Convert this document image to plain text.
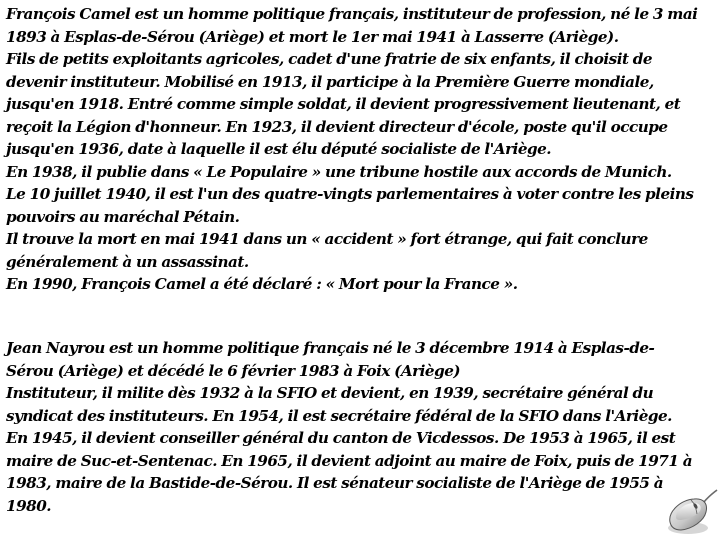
François Camel est un homme politique français, instituteur de profession, né le 3 mai 1893 à Esplas-de-Sérou (Ariège) et mort le 1er mai 1941 à Lasserre (Ariège).
Fils de petits exploitants agricoles, cadet d'une fratrie de six enfants, il choisit de devenir instituteur. Mobilisé en 1913, il participe à la Première Guerre mondiale, jusqu'en 1918. Entré comme simple soldat, il devient progressivement lieutenant, et reçoit la Légion d'honneur. En 1923, il devient directeur d'école, poste qu'il occupe jusqu'en 1936, date à laquelle il est élu député socialiste de l'Ariège.
En 1938, il publie dans « Le Populaire » une tribune hostile aux accords de Munich.
Le 10 juillet 1940, il est l'un des quatre-vingts parlementaires à voter contre les pleins pouvoirs au maréchal Pétain.
Il trouve la mort en mai 1941 dans un « accident » fort étrange, qui fait conclure généralement à un assassinat.
En 1990, François Camel a été déclaré : « Mort pour la France ».

Jean Nayrou est un homme politique français né le 3 décembre 1914 à Esplas-de-Sérou (Ariège) et décédé le 6 février 1983 à Foix (Ariège)
Instituteur, il milite dès 1932 à la SFIO et devient, en 1939, secrétaire général du syndicat des instituteurs. En 1954, il est secrétaire fédéral de la SFIO dans l'Ariège.
En 1945, il devient conseiller général du canton de Vicdessos. De 1953 à 1965, il est maire de Suc-et-Sentenac. En 1965, il devient adjoint au maire de Foix, puis de 1971 à 1983, maire de la Bastide-de-Sérou. Il est sénateur socialiste de l'Ariège de 1955 à 1980.
